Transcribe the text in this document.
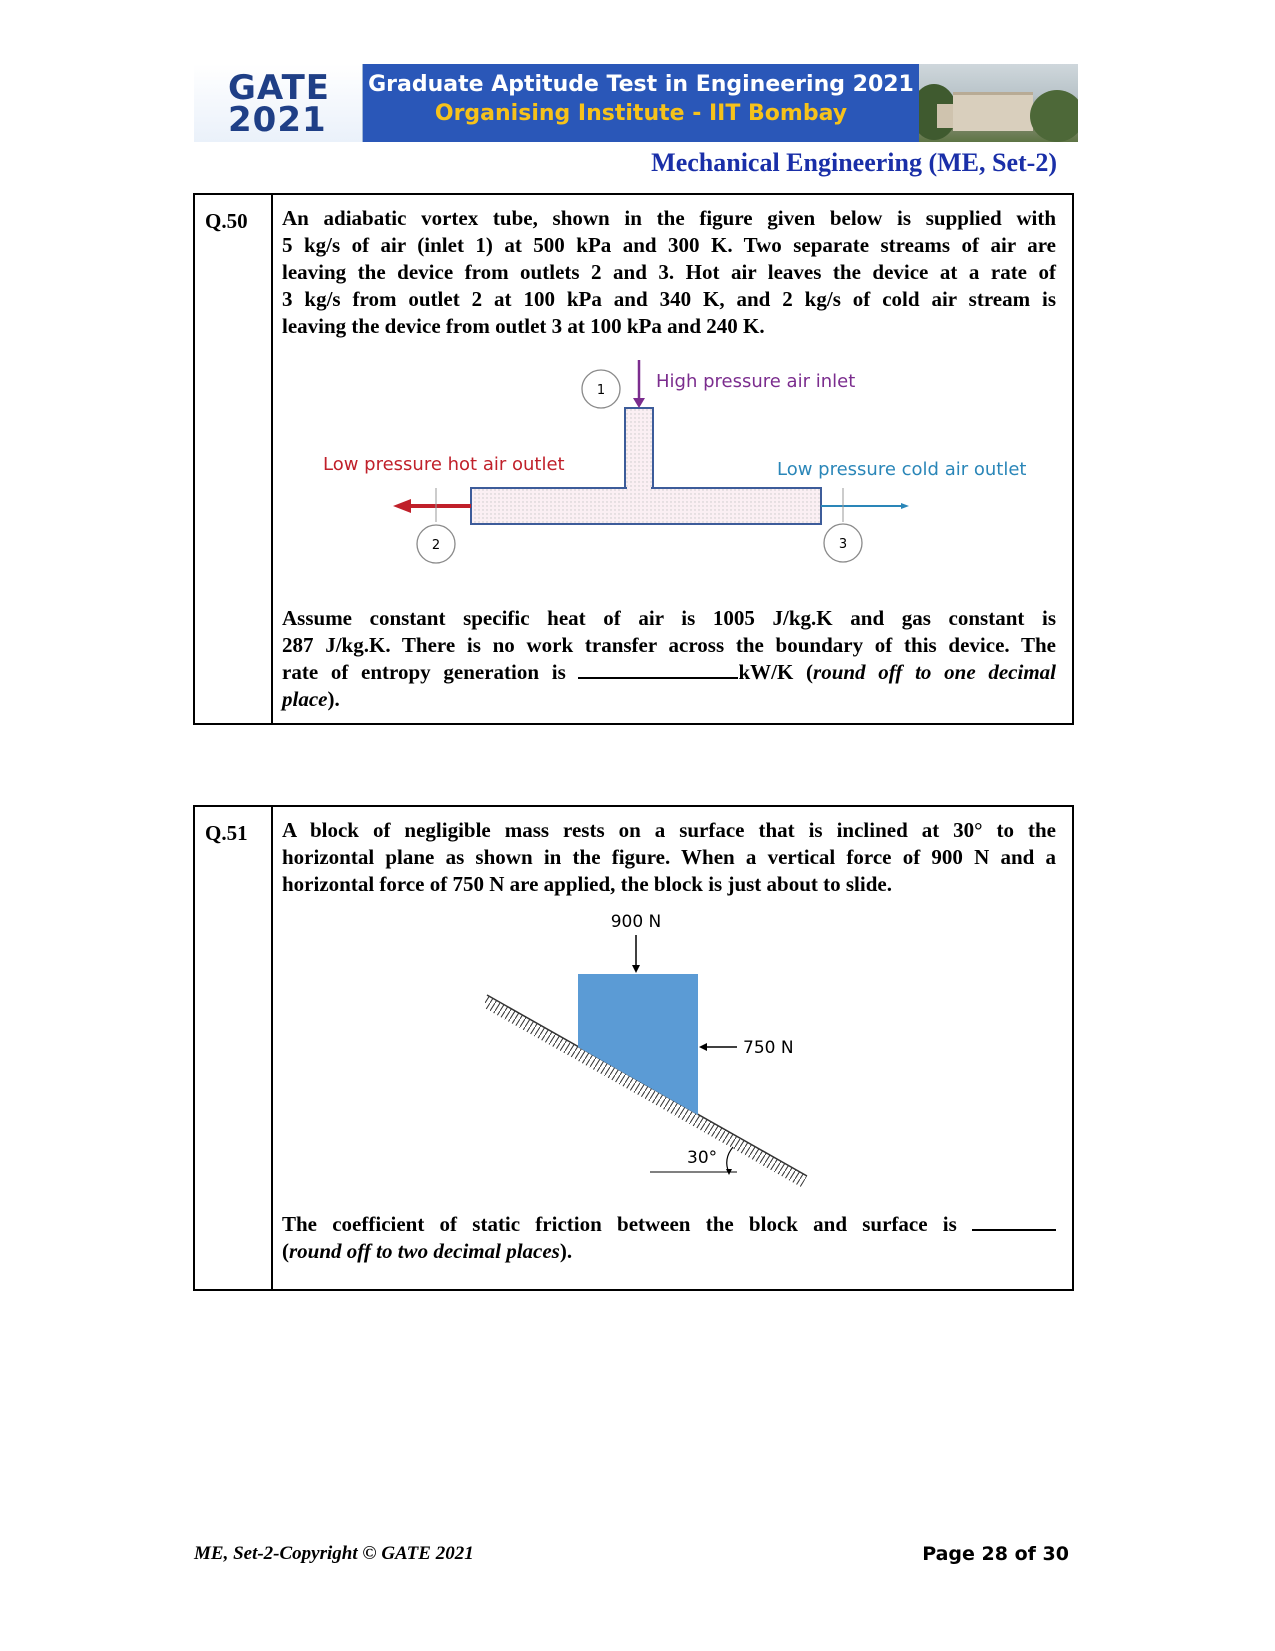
GATE
2021
Graduate Aptitude Test in Engineering 2021
Organising Institute - IIT Bombay
Mechanical Engineering (ME, Set-2)
Q.50 An adiabatic vortex tube, shown in the figure given below is supplied with
5 kg/s of air (inlet 1) at 500 kPa and 300 K. Two separate streams of air are
leaving the device from outlets 2 and 3. Hot air leaves the device at a rate of
3 kg/s from outlet 2 at 100 kPa and 340 K, and 2 kg/s of cold air stream is
leaving the device from outlet 3 at 100 kPa and 240 K.
1
2	3
High pressure air inlet
Low pressure hot air outlet	Low pressure cold air outlet
Assume constant specific heat of air is 1005 J/kg.K and gas constant is
287 J/kg.K. There is no work transfer across the boundary of this device. The
rate of entropy generation is	kW/K (round off to one decimal
place).
Q.51 A block of negligible mass rests on a surface that is inclined at 30° to the
horizontal plane as shown in the figure. When a vertical force of 900 N and a
horizontal force of 750 N are applied, the block is just about to slide.
900 N
750 N
30°
The coefficient of static friction between the block and surface is
(round off to two decimal places).
ME, Set-2-Copyright © GATE 2021	Page 28 of 30
